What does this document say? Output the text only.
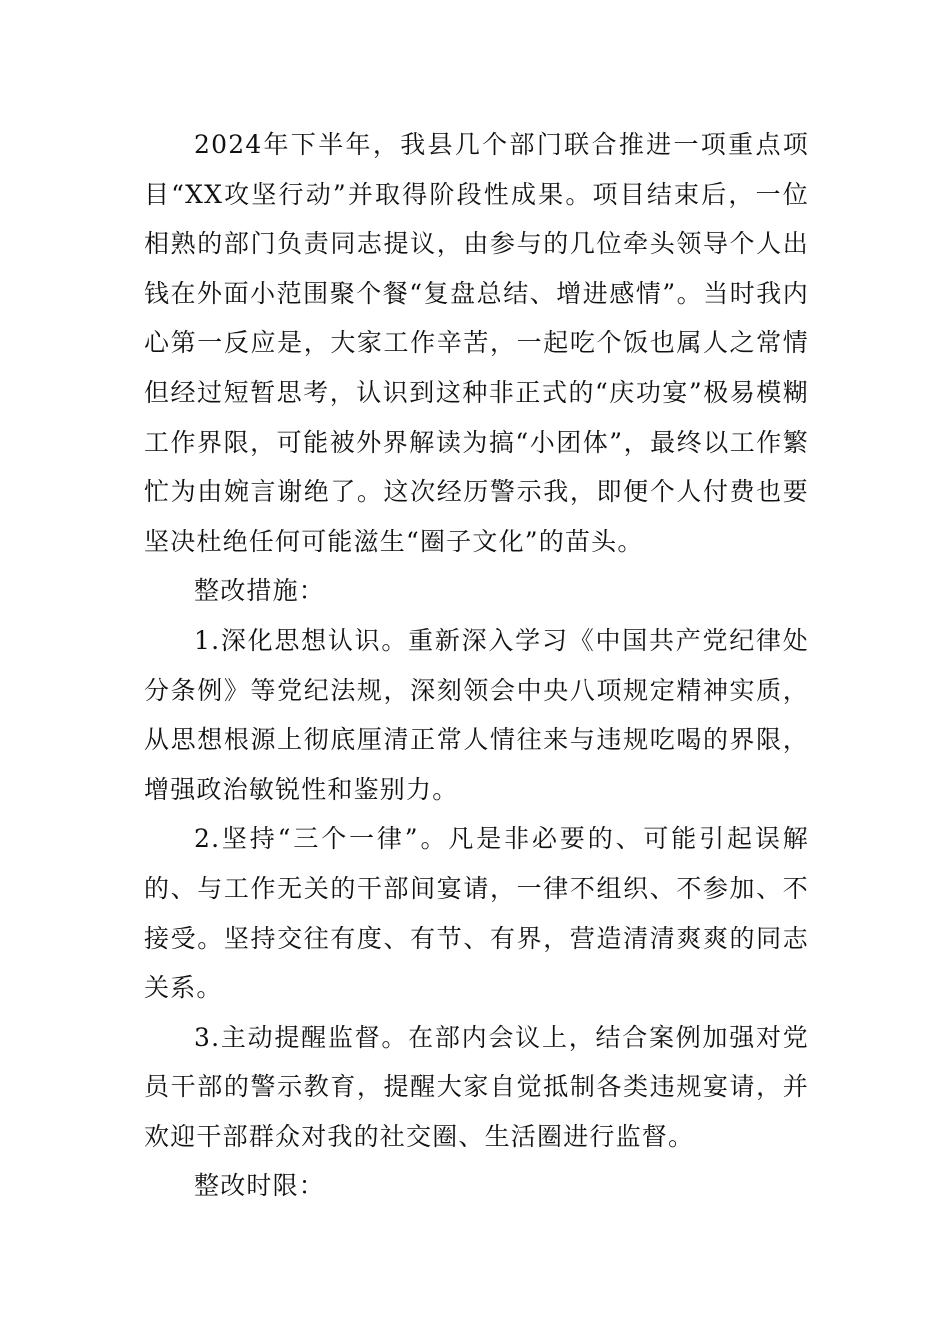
2024年下半年，我县几个部门联合推进一项重点项目“XX攻坚行动”并取得阶段性成果。项目结束后，一位相熟的部门负责同志提议，由参与的几位牵头领导个人出钱在外面小范围聚个餐“复盘总结、增进感情”。当时我内心第一反应是，大家工作辛苦，一起吃个饭也属人之常情但经过短暂思考，认识到这种非正式的“庆功宴”极易模糊工作界限，可能被外界解读为搞“小团体”，最终以工作繁忙为由婉言谢绝了。这次经历警示我，即便个人付费也要坚决杜绝任何可能滋生“圈子文化”的苗头。

整改措施：

1.深化思想认识。重新深入学习《中国共产党纪律处分条例》等党纪法规，深刻领会中央八项规定精神实质，从思想根源上彻底厘清正常人情往来与违规吃喝的界限，增强政治敏锐性和鉴别力。

2.坚持“三个一律”。凡是非必要的、可能引起误解的、与工作无关的干部间宴请，一律不组织、不参加、不接受。坚持交往有度、有节、有界，营造清清爽爽的同志关系。

3.主动提醒监督。在部内会议上，结合案例加强对党员干部的警示教育，提醒大家自觉抵制各类违规宴请，并欢迎干部群众对我的社交圈、生活圈进行监督。

整改时限：
